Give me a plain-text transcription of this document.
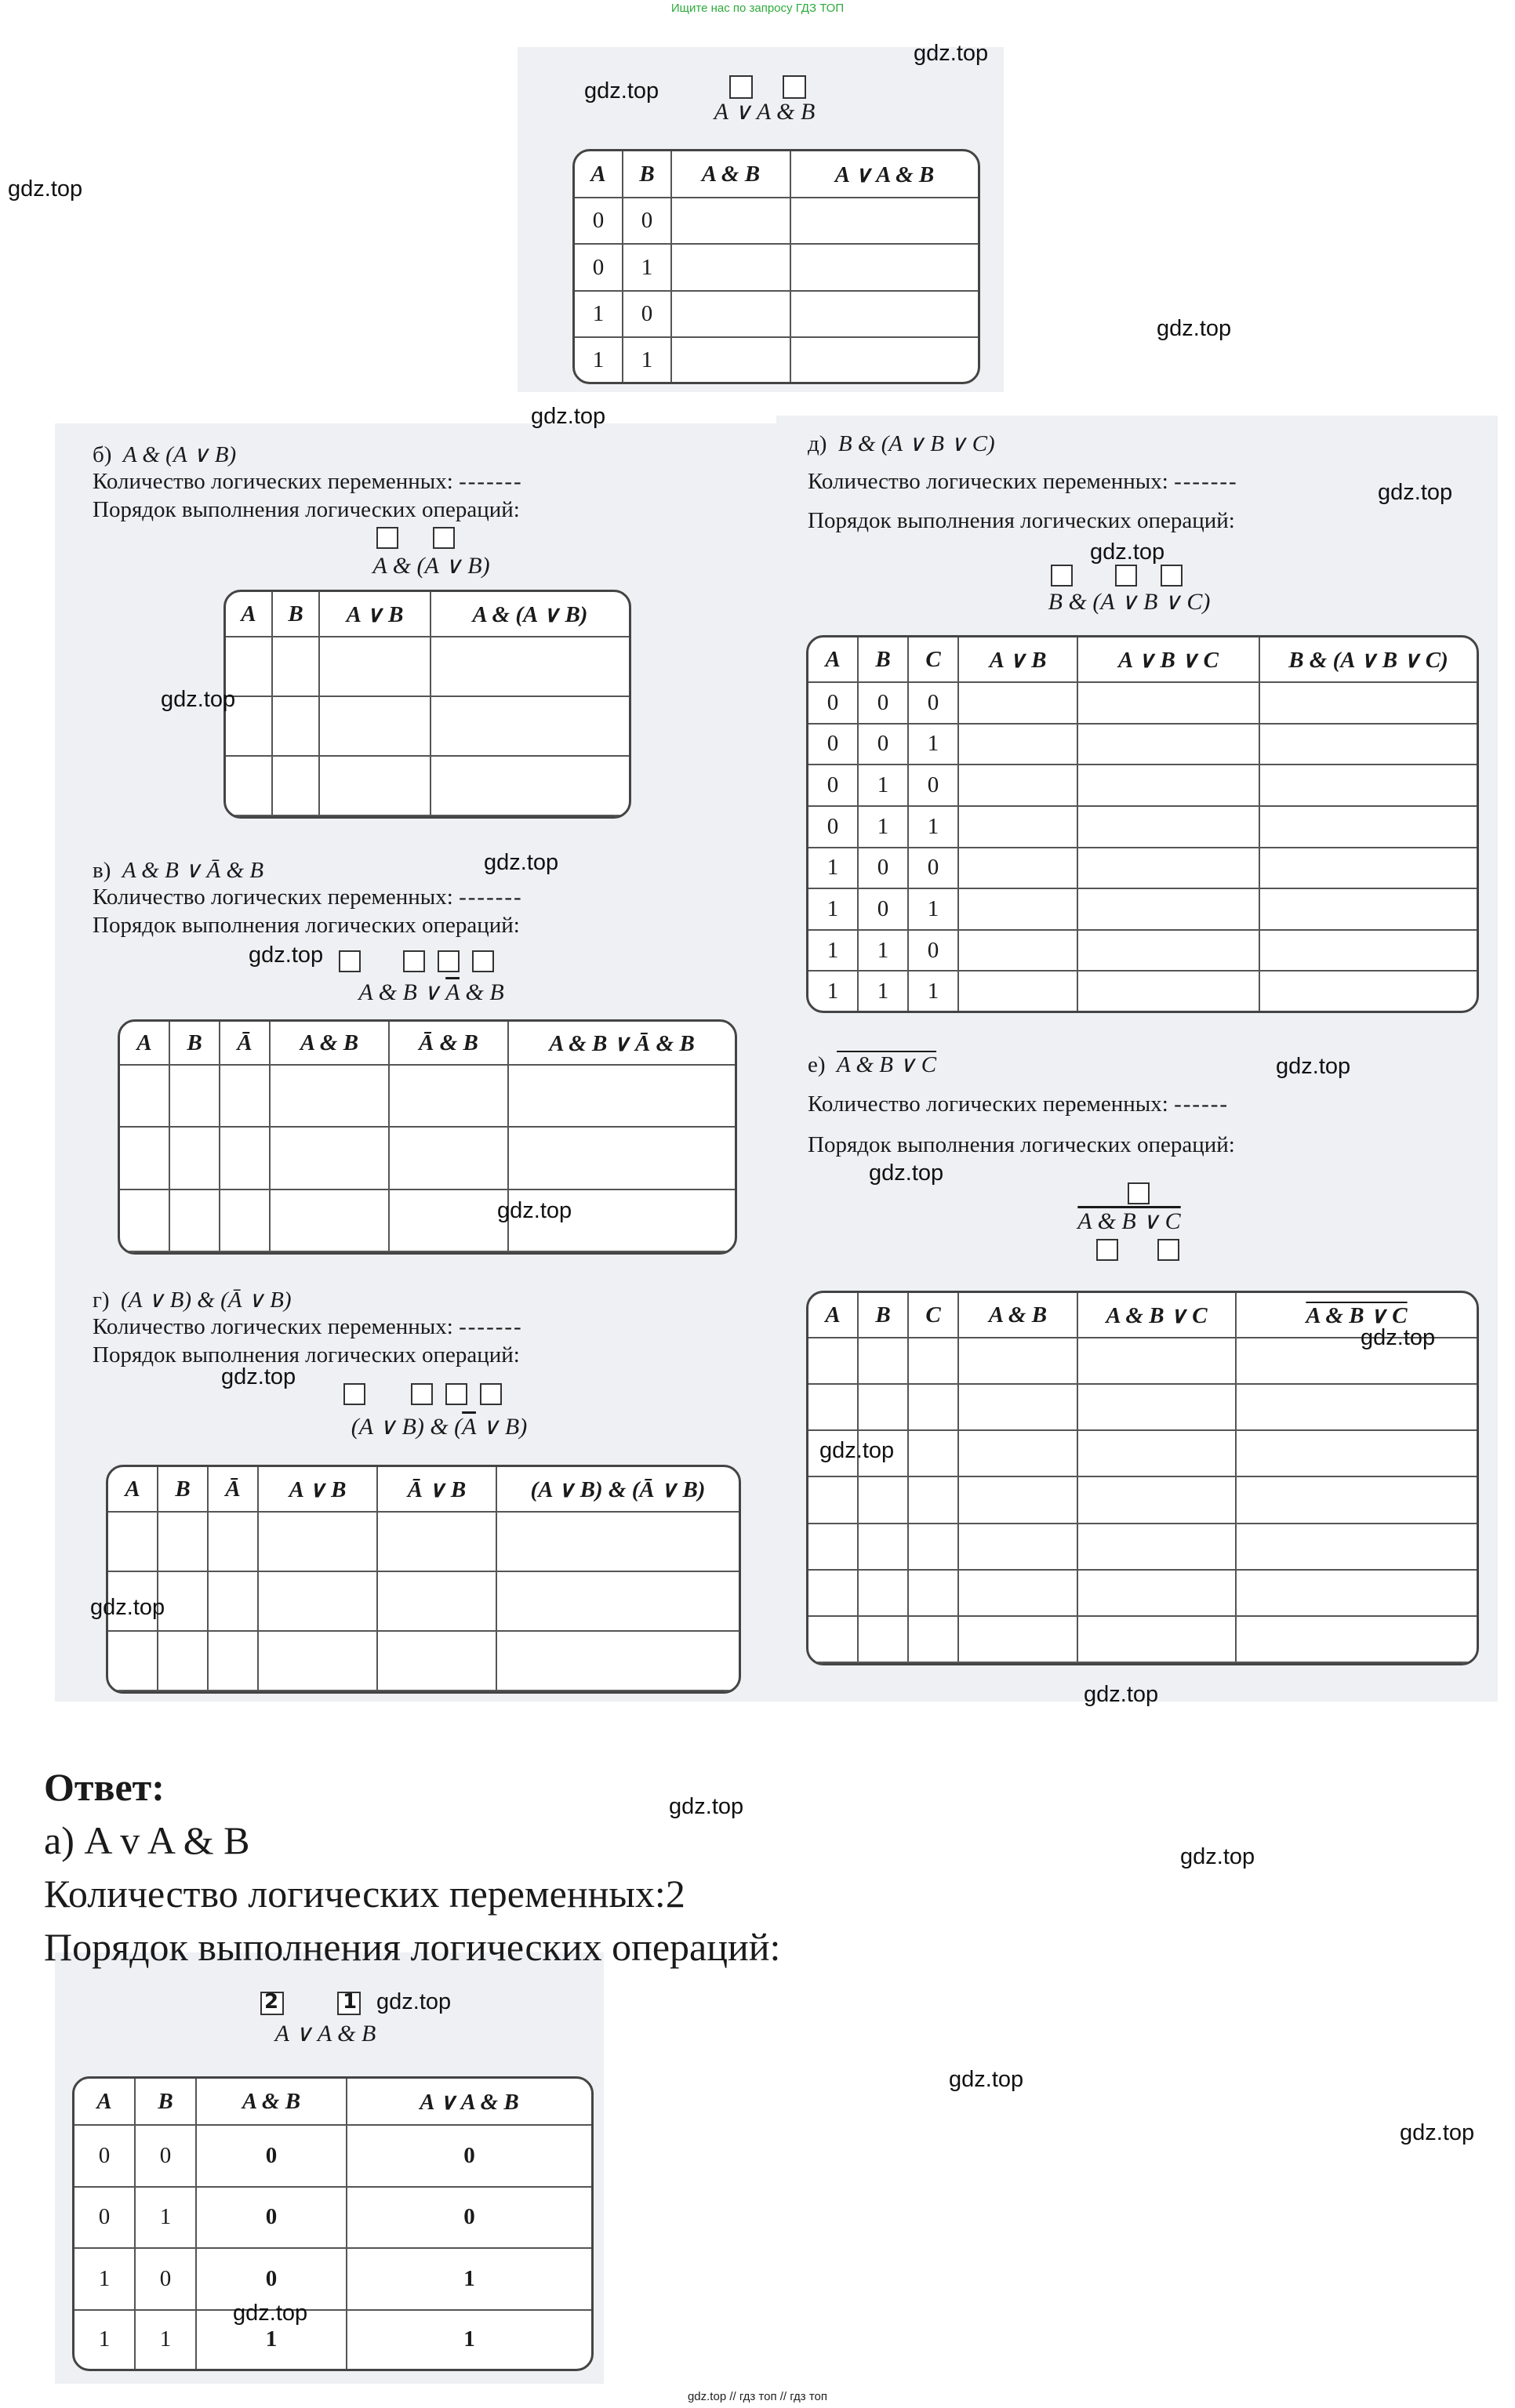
Ищите нас по запросу ГДЗ ТОП

A ∨ A & B
A	B	A & B	A ∨ A & B
0	0		
0	1		
1	0		
1	1		
б) A & (A ∨ B)
Количество логических переменных: -------
Порядок выполнения логических операций:

A & (A ∨ B)
A	B	A ∨ B	A & (A ∨ B)

в) A & B ∨ Ā & B
Количество логических переменных: -------
Порядок выполнения логических операций:

A & B ∨ $\overline{A}$ & B
A	B	Ā	A & B	Ā & B	A & B ∨ Ā & B

г) (A ∨ B) & (Ā ∨ B)
Количество логических переменных: -------
Порядок выполнения логических операций:

(A ∨ B) & ($\overline{A}$ ∨ B)
A	B	Ā	A ∨ B	Ā ∨ B	(A ∨ B) & (Ā ∨ B)

д) B & (A ∨ B ∨ C)
Количество логических переменных: -------
Порядок выполнения логических операций:

B & (A ∨ B ∨ C)
A	B	C	A ∨ B	A ∨ B ∨ C	B & (A ∨ B ∨ C)
0	0	0			
0	0	1			
0	1	0			
0	1	1			
1	0	0			
1	0	1			
1	1	0			
1	1	1			
е) A & B ∨ C
Количество логических переменных: ------
Порядок выполнения логических операций:
A & B ∨ C

A	B	C	A & B	A & B ∨ C	A & B ∨ C

Ответ:
а) A v A & B
Количество логических переменных:2
Порядок выполнения логических операций:
2
	1
A ∨ A & B
A	B	A & B	A ∨ A & B
0	0	0	0
0	1	0	0
1	0	0	1
1	1	1	1
gdz.top
gdz.top
gdz.top
gdz.top
gdz.top
gdz.top
gdz.top
gdz.top
gdz.top
gdz.top
gdz.top
gdz.top
gdz.top
gdz.top
gdz.top
gdz.top
gdz.top
gdz.top
gdz.top
gdz.top
gdz.top
gdz.top
gdz.top
gdz.top
gdz.top // гдз топ // гдз топ
